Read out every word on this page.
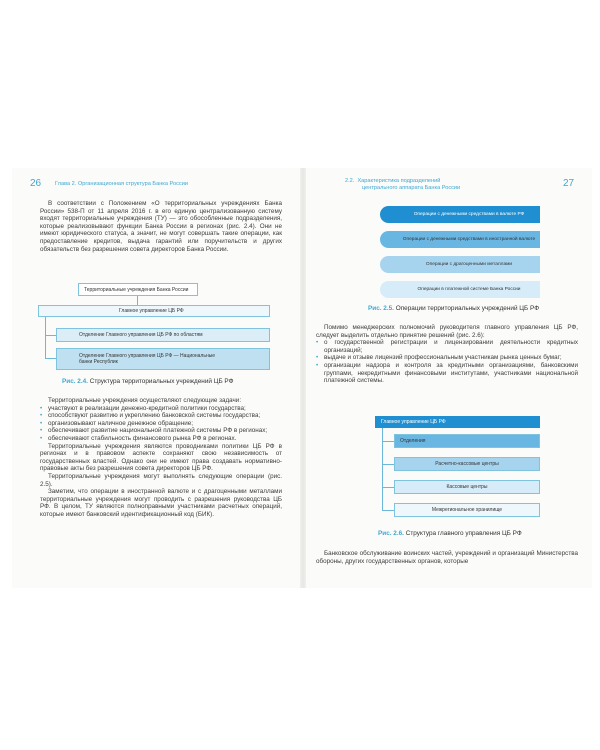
26 Глава 2. Организационная структура Банка России

В соответствии с Положением «О территориальных учреждениях Банка России» 538-П от 11 апреля 2016 г. в его единую централизованную систему входят территориальные учреждения (ТУ) — это обособленные подразделения, которые реализовывают функции Банка России в регионах (рис. 2.4). Они не имеют юридического статуса, а значит, не могут совершать такие операции, как предоставление кредитов, выдача гарантий или поручительств и других обязательств без разрешения совета директоров Банка России.

Территориальные учреждения Банка России
Главное управление ЦБ РФ
Отделение Главного управления ЦБ РФ по областям
Отделение Главного управления ЦБ РФ — Национальные банки Республик
Рис. 2.4. Структура территориальных учреждений ЦБ РФ

Территориальные учреждения осуществляют следующие задачи:

• участвуют в реализации денежно-кредитной политики государства;
• способствуют развитию и укреплению банковской системы государства;
• организовывают наличное денежное обращение;
• обеспечивают развитие национальной платежной системы РФ в регионах;
• обеспечивают стабильность финансового рынка РФ в регионах.

Территориальные учреждения являются проводниками политики ЦБ РФ в регионах и в правовом аспекте сохраняют свою независимость от государственных властей. Однако они не имеют права создавать нормативно-правовые акты без разрешения совета директоров ЦБ РФ.

Территориальные учреждения могут выполнять следующие операции (рис. 2.5).

Заметим, что операции в иностранной валюте и с драгоценными металлами территориальные учреждения могут проводить с разрешения руководства ЦБ РФ. В целом, ТУ являются полноправными участниками расчетных операций, которые имеют банковский идентификационный код (БИК).

2.2. Характеристика подразделений
центрального аппарата Банка России	27
Операции с денежными средствами в валюте РФ
Операции с денежными средствами в иностранной валюте
Операции с драгоценными металлами
Операции в платежной системе Банка России
Рис. 2.5. Операции территориальных учреждений ЦБ РФ

Помимо менеджерских полномочий руководителя главного управления ЦБ РФ, следует выделить отдельно принятие решений (рис. 2.6):

• о государственной регистрации и лицензировании деятельности кредитных организаций;
• выдаче и отзыве лицензий профессиональным участникам рынка ценных бумаг;
• организации надзора и контроля за кредитными организациями, банковскими группами, некредитными финансовыми институтами, участниками национальной платежной системы.
Главное управление ЦБ РФ
Отделения
Расчетно-кассовые центры
Кассовые центры
Межрегиональное хранилище
Рис. 2.6. Структура главного управления ЦБ РФ

Банковское обслуживание воинских частей, учреждений и организаций Министерства обороны, других государственных органов, которые
